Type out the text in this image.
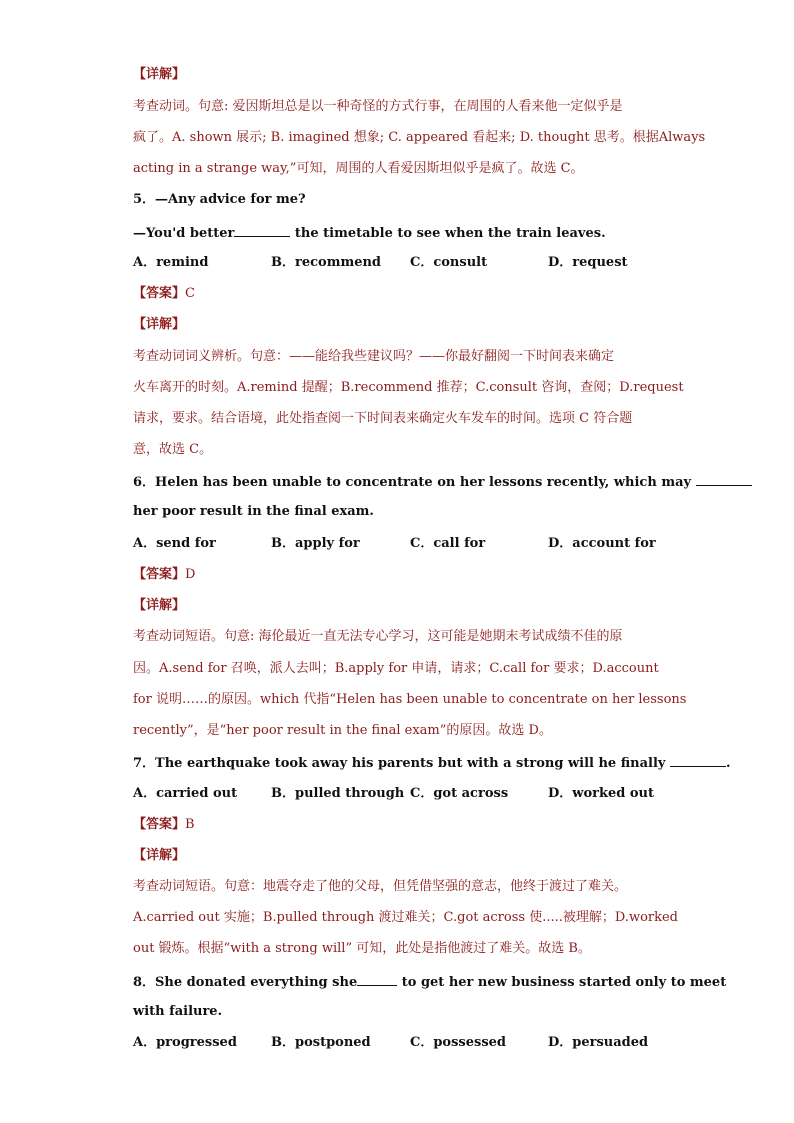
【详解】
考查动词。句意: 爱因斯坦总是以一种奇怪的方式行事，在周围的人看来他一定似乎是
疯了。A. shown 展示; B. imagined 想象; C. appeared 看起来; D. thought 思考。根据Always
acting in a strange way,”可知，周围的人看爱因斯坦似乎是疯了。故选 C。
5．—Any advice for me?
—You'd better	the timetable to see when the train leaves.
A．remind	B．recommend C．consult	D．request
【答案】C
【详解】
考查动词词义辨析。句意：——能给我些建议吗？——你最好翻阅一下时间表来确定
火车离开的时刻。A.remind 提醒；B.recommend 推荐；C.consult 咨询，查阅；D.request
请求，要求。结合语境，此处指查阅一下时间表来确定火车发车的时间。选项 C 符合题
意，故选 C。
6．Helen has been unable to concentrate on her lessons recently, which may
her poor result in the final exam.
A．send for	B．apply for	C．call for	D．account for
【答案】D
【详解】
考查动词短语。句意: 海伦最近一直无法专心学习，这可能是她期末考试成绩不佳的原
因。A.send for 召唤，派人去叫；B.apply for 申请，请求；C.call for 要求；D.account
for 说明……的原因。which 代指“Helen has been unable to concentrate on her lessons
recently”，是“her poor result in the final exam”的原因。故选 D。
7．The earthquake took away his parents but with a strong will he finally	.
A．carried out	B．pulled through C．got across	D．worked out
【答案】B
【详解】
考查动词短语。句意：地震夺走了他的父母，但凭借坚强的意志，他终于渡过了难关。
A.carried out 实施；B.pulled through 渡过难关；C.got across 使.....被理解；D.worked
out 锻炼。根据“with a strong will” 可知，此处是指他渡过了难关。故选 B。
8．She donated everything she	to get her new business started only to meet
with failure.
A．progressed	B．postponed	C．possessed	D．persuaded
